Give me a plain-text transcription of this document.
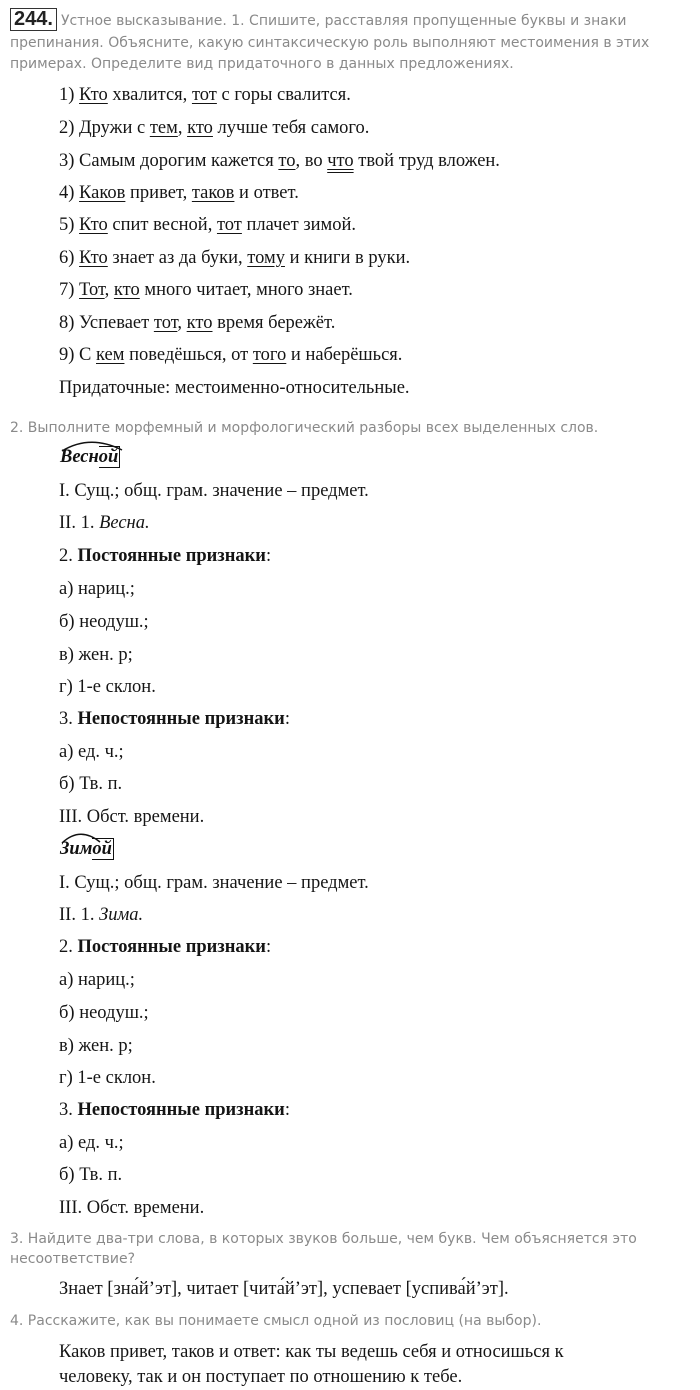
244. Устное высказывание. 1. Спишите, расставляя пропущенные буквы и знаки
препинания. Объясните, какую синтаксическую роль выполняют местоимения в этих
примерах. Определите вид придаточного в данных предложениях.
1) Кто хвалится, тот с горы свалится.
2) Дружи с тем, кто лучше тебя самого.
3) Самым дорогим кажется то, во что твой труд вложен.
4) Каков привет, таков и ответ.
5) Кто спит весной, тот плачет зимой.
6) Кто знает аз да буки, тому и книги в руки.
7) Тот, кто много читает, много знает.
8) Успевает тот, кто время бережёт.
9) С кем поведёшься, от того и наберёшься.
Придаточные: местоименно-относительные.
2. Выполните морфемный и морфологический разборы всех выделенных слов.
Весной
I. Сущ.; общ. грам. значение – предмет.
II. 1. Весна.
2. Постоянные признаки:
а) нариц.;
б) неодуш.;
в) жен. р;
г) 1-е склон.
3. Непостоянные признаки:
а) ед. ч.;
б) Тв. п.
III. Обст. времени.
Зимой
I. Сущ.; общ. грам. значение – предмет.
II. 1. Зима.
2. Постоянные признаки:
а) нариц.;
б) неодуш.;
в) жен. р;
г) 1-е склон.
3. Непостоянные признаки:
а) ед. ч.;
б) Тв. п.
III. Обст. времени.
3. Найдите два-три слова, в которых звуков больше, чем букв. Чем объясняется это
несоответствие?
Знает [зна́й’эт], читает [чита́й’эт], успевает [успива́й’эт].
4. Расскажите, как вы понимаете смысл одной из пословиц (на выбор).
Каков привет, таков и ответ: как ты ведешь себя и относишься к
человеку, так и он поступает по отношению к тебе.
